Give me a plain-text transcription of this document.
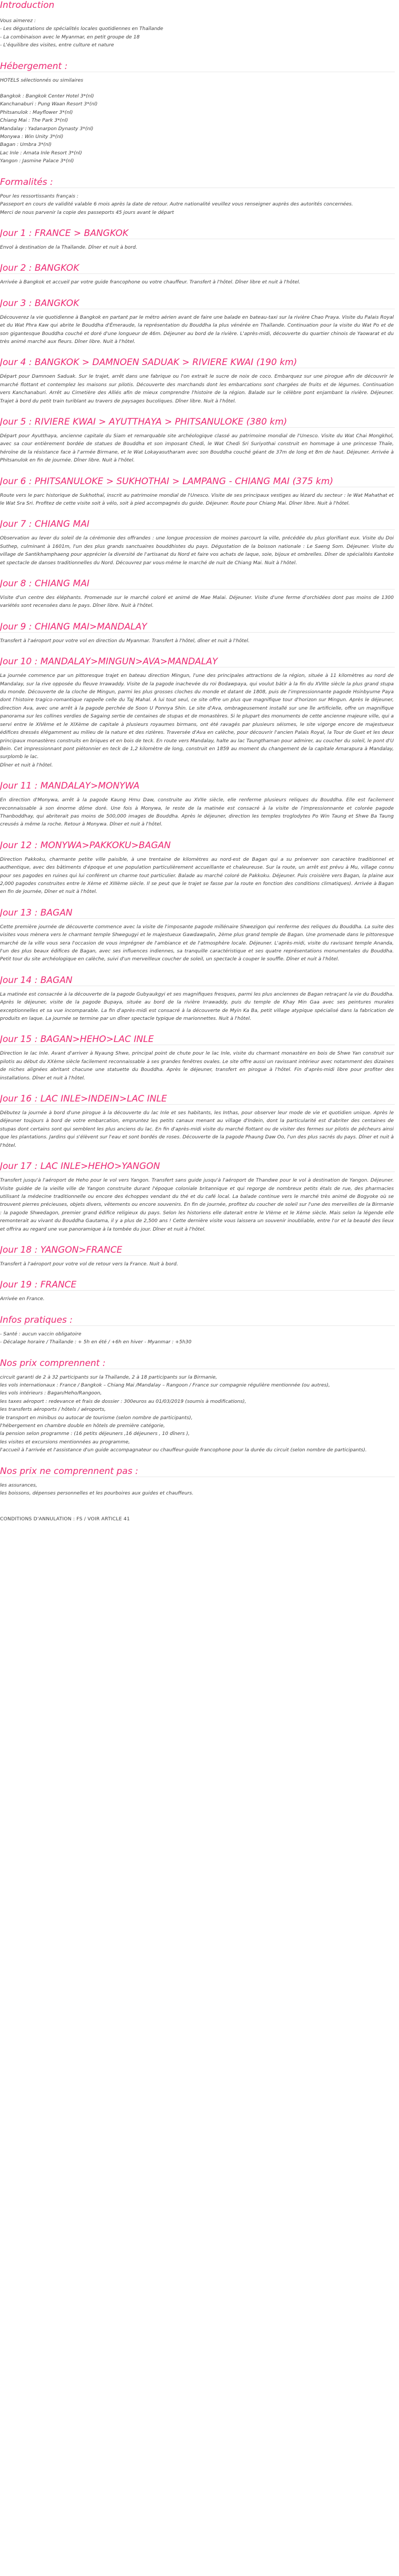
Introduction

Vous aimerez :

- Les dégustations de spécialités locales quotidiennes en Thaïlande

- La combinaison avec le Myanmar, en petit groupe de 18

- L'équilibre des visites, entre culture et nature

Hébergement :

HOTELS sélectionnés ou similaires

Bangkok : Bangkok Center Hotel 3*(nl)

Kanchanaburi : Pung Waan Resort 3*(nl)

Phitsanulok : Mayflower 3*(nl)

Chiang Mai : The Park 3*(nl)

Mandalay : Yadanarpon Dynasty 3*(nl)

Monywa : Win Unity 3*(nl)

Bagan : Umbra 3*(nl)

Lac Inle : Amata Inle Resort 3*(nl)

Yangon : Jasmine Palace 3*(nl)

Formalités :

Pour les ressortissants français :

Passeport en cours de validité valable 6 mois après la date de retour. Autre nationalité veuillez vous renseigner auprès des autorités concernées.

Merci de nous parvenir la copie des passeports 45 jours avant le départ

Jour 1 : FRANCE > BANGKOK

Envol à destination de la Thaïlande. Dîner et nuit à bord.

Jour 2 : BANGKOK

Arrivée à Bangkok et accueil par votre guide francophone ou votre chauffeur. Transfert à l'hôtel. Dîner libre et nuit à l'hôtel.

Jour 3 : BANGKOK

Découverez la vie quotidienne à Bangkok en partant par le métro aérien avant de faire une balade en bateau-taxi sur la rivière Chao Praya. Visite du Palais Royal et du Wat Phra Kaw qui abrite le Bouddha d'Émeraude, la représentation du Bouddha la plus vénérée en Thaïlande. Continuation pour la visite du Wat Po et de son gigantesque Bouddha couché et doré d'une longueur de 46m. Déjeuner au bord de la rivière. L'après-midi, découverte du quartier chinois de Yaowarat et du très animé marché aux fleurs. Dîner libre. Nuit à l'hôtel.

Jour 4 : BANGKOK > DAMNOEN SADUAK > RIVIERE KWAI (190 km)

Départ pour Damnoen Saduak. Sur le trajet, arrêt dans une fabrique ou l'on extrait le sucre de noix de coco. Embarquez sur une pirogue afin de découvrir le marché flottant et contemplez les maisons sur pilotis. Découverte des marchands dont les embarcations sont chargées de fruits et de légumes. Continuation vers Kanchanaburi. Arrêt au Cimetière des Alliés afin de mieux comprendre l'histoire de la région. Balade sur le célèbre pont enjambant la rivière. Déjeuner. Trajet à bord du petit train turiblant au travers de paysages bucoliques. Dîner libre. Nuit à l'hôtel.

Jour 5 : RIVIERE KWAI > AYUTTHAYA > PHITSANULOKE (380 km)

Départ pour Ayutthaya, ancienne capitale du Siam et remarquable site archéologique classé au patrimoine mondial de l'Unesco. Visite du Wat Chai Mongkhol, avec sa cour entièrement bordée de statues de Bouddha et son imposant Chedi, le Wat Chedi Sri Suriyothai construit en hommage à une princesse Thaïe, héroïne de la résistance face à l'armée Birmane, et le Wat Lokayasutharam avec son Bouddha couché géant de 37m de long et 8m de haut. Déjeuner. Arrivée à Phitsanulok en fin de journée. Dîner libre. Nuit à l'hôtel.

Jour 6 : PHITSANULOKE > SUKHOTHAI > LAMPANG - CHIANG MAI (375 km)

Route vers le parc historique de Sukhothaï, inscrit au patrimoine mondial de l'Unesco. Visite de ses principaux vestiges au lézard du secteur : le Wat Mahathat et le Wat Sra Sri. Profitez de cette visite soit à vélo, soit à pied accompagnés du guide. Déjeuner. Route pour Chiang Mai. Dîner libre. Nuit à l'hôtel.

Jour 7 : CHIANG MAI

Observation au lever du soleil de la cérémonie des offrandes : une longue procession de moines parcourt la ville, précédée du plus glorifiant eux. Visite du Doi Suthep, culminant à 1601m, l'un des plus grands sanctuaires bouddhistes du pays. Dégustation de la boisson nationale : Le Saeng Som. Déjeuner. Visite du village de Santikhamphaeng pour apprécier la diversité de l'artisanat du Nord et faire vos achats de laque, soie, bijoux et ombrelles. Dîner de spécialités Kantoke et spectacle de danses traditionnelles du Nord. Découvrez par vous-même le marché de nuit de Chiang Mai. Nuit à l'hôtel.

Jour 8 : CHIANG MAI

Visite d'un centre des éléphants. Promenade sur le marché coloré et animé de Mae Malai. Déjeuner. Visite d'une ferme d'orchidées dont pas moins de 1300 variétés sont recensées dans le pays. Dîner libre. Nuit à l'hôtel.

Jour 9 : CHIANG MAI>MANDALAY

Transfert à l'aéroport pour votre vol en direction du Myanmar. Transfert à l'hôtel, dîner et nuit à l'hôtel.

Jour 10 : MANDALAY>MINGUN>AVA>MANDALAY

La journée commence par un pittoresque trajet en bateau direction Mingun, l'une des principales attractions de la région, située à 11 kilomètres au nord de Mandalay, sur la rive opposée du fleuve Irrawaddy. Visite de la pagode inachevée du roi Bodawpaya, qui voulut bâtir à la fin du XVIIIe siècle la plus grand stupa du monde. Découverte de la cloche de Mingun, parmi les plus grosses cloches du monde et datant de 1808, puis de l'impressionnante pagode Hsinbyume Paya dont l'histoire tragico-romantique rappelle celle du Taj Mahal. A lui tout seul, ce site offre un plus que magnifique tour d'horizon sur Mingun. Après le déjeuner, direction Ava, avec une arrêt à la pagode perchée de Soon U Ponnya Shin. Le site d'Ava, ombrageusement installé sur une île artificielle, offre un magnifique panorama sur les collines verdies de Sagaing sertie de centaines de stupas et de monastères. Si le plupart des monuments de cette ancienne majeure ville, qui a servi entre le XIVème et le XIXème de capitale à plusieurs royaumes birmans, ont été ravagés par plusieurs séismes, le site vigorge encore de majestueux édifices dressés élégamment au milieu de la nature et des rizières. Traversée d'Ava en calèche, pour découvrir l'ancien Palais Royal, la Tour de Guet et les deux principaux monastères construits en briques et en bois de teck. En route vers Mandalay, halte au lac Taungthaman pour admirer, au coucher du soleil, le pont d'U Bein. Cet impressionnant pont piétonnier en teck de 1,2 kilomètre de long, construit en 1859 au moment du changement de la capitale Amarapura à Mandalay, surplomb le lac.
Dîner et nuit à l'hôtel.

Jour 11 : MANDALAY>MONYWA

En direction d'Monywa, arrêt à la pagode Kaung Hmu Daw, construite au XVIIe siècle, elle renferme plusieurs reliques du Bouddha. Elle est facilement reconnaissable à son énorme dôme doré. Une fois à Monywa, le reste de la matinée est consacré à la visite de l'impressionnante et colorée pagode Thanboddhay, qui abriterait pas moins de 500,000 images de Bouddha. Après le déjeuner, direction les temples troglodytes Po Win Taung et Shwe Ba Taung creusés à même la roche. Retour à Monywa. Dîner et nuit à l'hôtel.

Jour 12 : MONYWA>PAKKOKU>BAGAN

Direction Pakkoku, charmante petite ville paisible, à une trentaine de kilomètres au nord-est de Bagan qui a su préserver son caractère traditionnel et authentique, avec des bâtiments d'époque et une population particulièrement accueillante et chaleureuse. Sur la route, un arrêt est prévu à Mu, village connu pour ses pagodes en ruines qui lui conférent un charme tout particulier. Balade au marché coloré de Pakkoku. Déjeuner. Puis croisière vers Bagan, la plaine aux 2,000 pagodes construites entre le Xème et XIIIème siècle. Il se peut que le trajet se fasse par la route en fonction des conditions climatiques). Arrivée à Bagan en fin de journée, Dîner et nuit à l'hôtel.

Jour 13 : BAGAN

Cette première journée de découverte commence avec la visite de l'imposante pagode millénaire Shwezigon qui renferme des reliques du Bouddha. La suite des visites vous mènera vers le charmant temple Shwegugyi et le majestueux Gawdawpalin, 2ème plus grand temple de Bagan. Une promenade dans le pittoresque marché de la ville vous sera l'occasion de vous imprégner de l'ambiance et de l'atmosphère locale. Déjeuner. L'après-midi, visite du ravissant temple Ananda, l'un des plus beaux édifices de Bagan, avec ses influences indiennes, sa tranquille caractéristique et ses quatre représentations monumentales du Bouddha. Petit tour du site archéologique en calèche, suivi d'un merveilleux coucher de soleil, un spectacle à couper le souffle. Dîner et nuit à l'hôtel.

Jour 14 : BAGAN

La matinée est consacrée à la découverte de la pagode Gubyaukgyi et ses magnifiques fresques, parmi les plus anciennes de Bagan retraçant la vie du Bouddha. Après le déjeuner, visite de la pagode Bupaya, située au bord de la rivière Irrawaddy, puis du temple de Khay Min Gaa avec ses peintures murales exceptionnelles et sa vue incomparable. La fin d'après-midi est consacré à la découverte de Myin Ka Ba, petit village atypique spécialisé dans la fabrication de produits en laque. La journée se termine par un dîner spectacle typique de marionnettes. Nuit à l'hôtel.

Jour 15 : BAGAN>HEHO>LAC INLE

Direction le lac Inle. Avant d'arriver à Nyaung Shwe, principal point de chute pour le lac Inle, visite du charmant monastère en bois de Shwe Yan construit sur pilotis au début du XXème siècle facilement reconnaissable à ses grandes fenêtres ovales. Le site offre aussi un ravissant intérieur avec notamment des dizaines de niches alignées abritant chacune une statuette du Bouddha. Après le déjeuner, transfert en pirogue à l'hôtel. Fin d'après-midi libre pour profiter des installations. Dîner et nuit à l'hôtel.

Jour 16 : LAC INLE>INDEIN>LAC INLE

Débutez la journée à bord d'une pirogue à la découverte du lac Inle et ses habitants, les Inthas, pour observer leur mode de vie et quotidien unique. Après le déjeuner toujours à bord de votre embarcation, empruntez les petits canaux menant au village d'Indein, dont la particularité est d'abriter des centaines de stupas dont certains sont qui semblent les plus anciens du lac. En fin d'après-midi visite du marché flottant ou de visiter des fermes sur pilotis de pêcheurs ainsi que les plantations. Jardins qui s'élèvent sur l'eau et sont bordés de roses. Découverte de la pagode Phaung Daw Oo, l'un des plus sacrés du pays. Dîner et nuit à l'hôtel.

Jour 17 : LAC INLE>HEHO>YANGON

Transfert jusqu'à l'aéroport de Heho pour le vol vers Yangon. Transfert sans guide jusqu'à l'aéroport de Thandwe pour le vol à destination de Yangon. Déjeuner. Visite guidée de la vieille ville de Yangon construite durant l'époque coloniale britannique et qui regorge de nombreux petits étals de rue, des pharmacies utilisant la médecine traditionnelle ou encore des échoppes vendant du thé et du café local. La balade continue vers le marché très animé de Bogyoke où se trouvent pierres précieuses, objets divers, vêtements ou encore souvenirs. En fin de journée, profitez du coucher de soleil sur l'une des merveilles de la Birmanie : la pagode Shwedagon, premier grand édifice religieux du pays. Selon les historiens elle daterait entre le VIème et le Xème siècle. Mais selon la légende elle remonterait au vivant du Bouddha Gautama, il y a plus de 2,500 ans ! Cette dernière visite vous laissera un souvenir inoubliable, entre l'or et la beauté des lieux et offrira au regard une vue panoramique à la tombée du jour. Dîner et nuit à l'hôtel.

Jour 18 : YANGON>FRANCE

Transfert à l'aéroport pour votre vol de retour vers la France. Nuit à bord.

Jour 19 : FRANCE

Arrivée en France.

Infos pratiques :

- Santé : aucun vaccin obligatoire

- Décalage horaire / Thaïlande : + 5h en été / +6h en hiver - Myanmar : +5h30

Nos prix comprennent :

circuit garanti de 2 à 32 participants sur la Thaïlande, 2 à 18 participants sur la Birmanie,

les vols internationaux : France / Bangkok – Chiang Mai /Mandalay – Rangoon / France sur compagnie régulière mentionnée (ou autres),

les vols intérieurs : Bagan/Heho/Rangoon,

les taxes aéroport : redevance et frais de dossier : 300euros au 01/03/2019 (soumis à modifications),

les transferts aéroports / hôtels / aéroports,

le transport en minibus ou autocar de tourisme (selon nombre de participants),

l'hébergement en chambre double en hôtels de première catégorie,

la pension selon programme : (16 petits déjeuners ,16 déjeuners , 10 dîners ),

les visites et excursions mentionnées au programme,

l'accueil à l'arrivée et l'assistance d'un guide accompagnateur ou chauffeur-guide francophone pour la durée du circuit (selon nombre de participants).

Nos prix ne comprennent pas :

les assurances,

les boissons, dépenses personnelles et les pourboires aux guides et chauffeurs.

CONDITIONS D'ANNULATION : FS / VOIR ARTICLE 41
